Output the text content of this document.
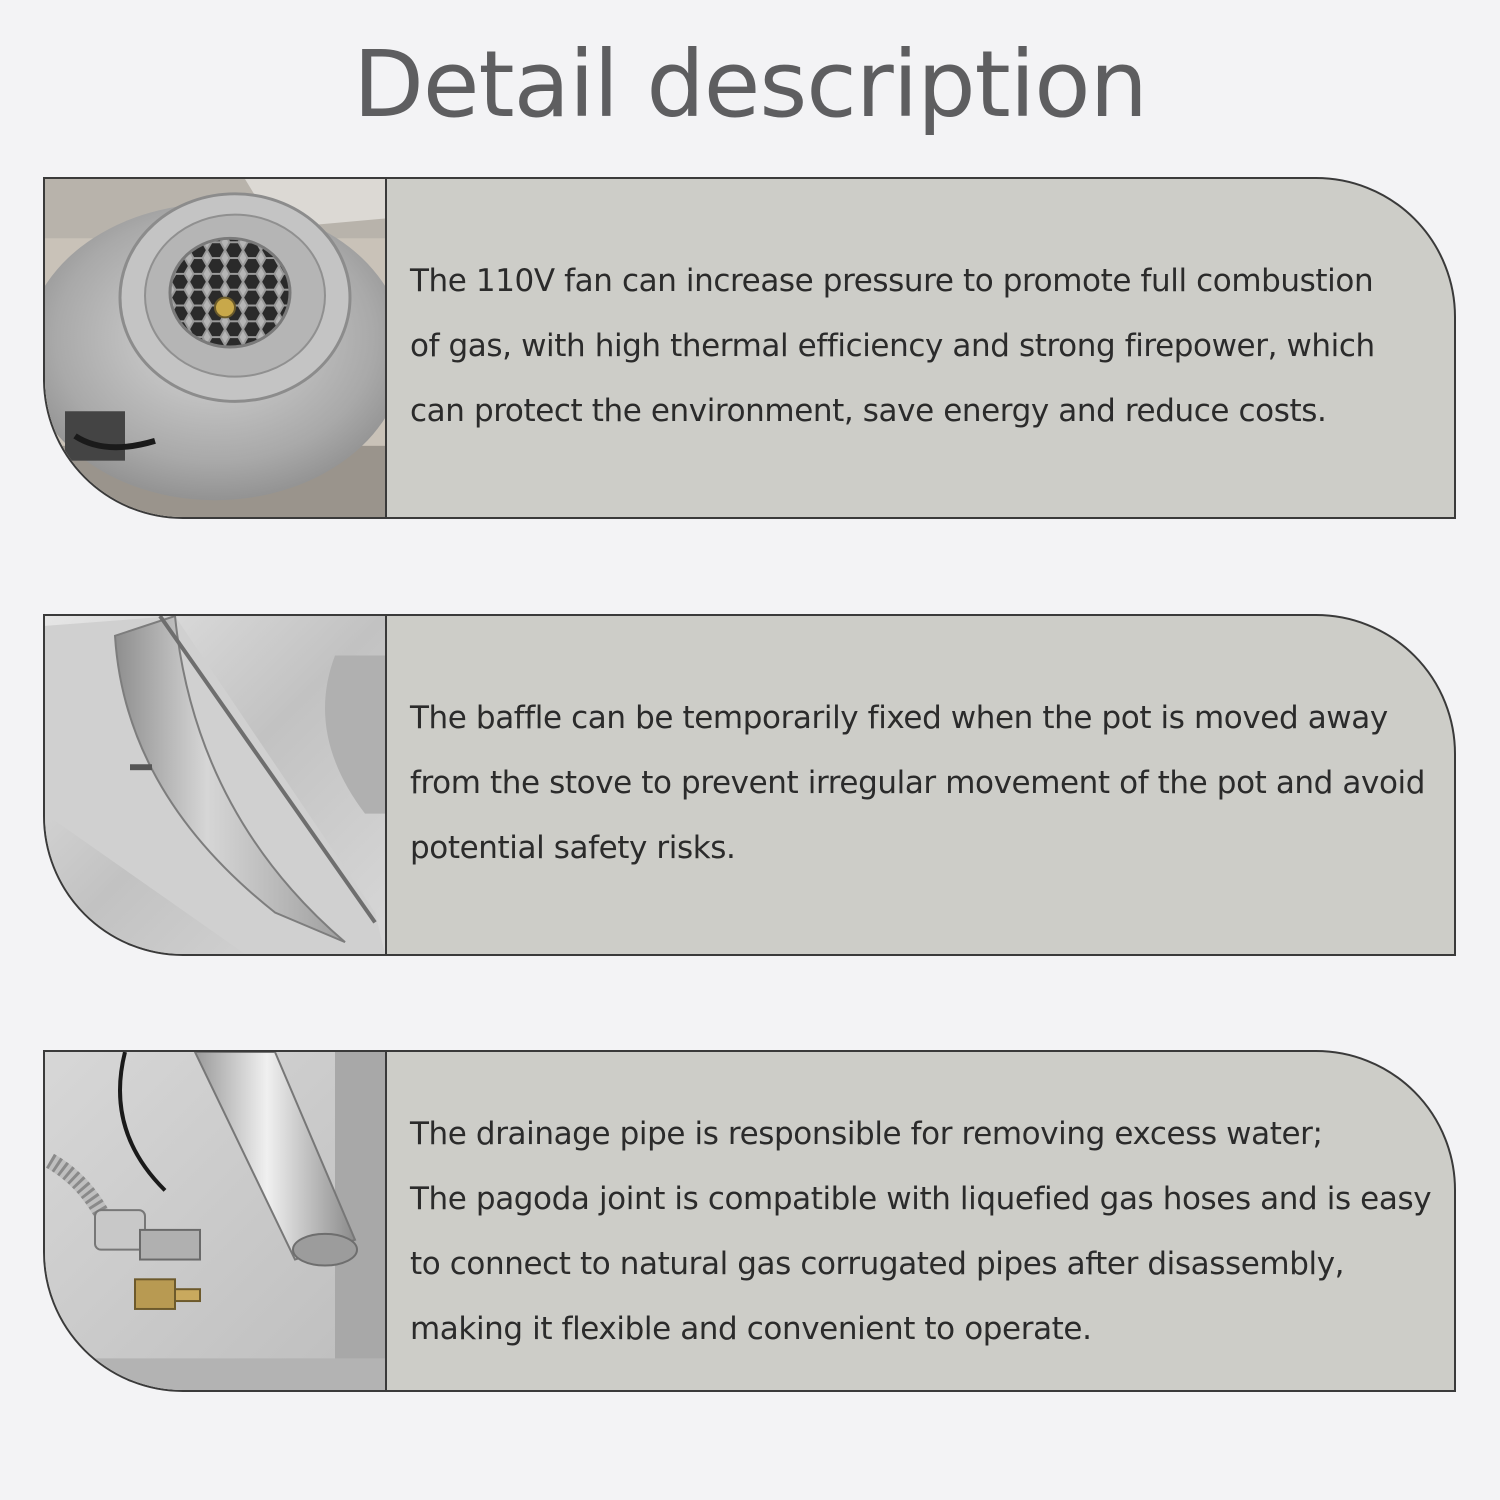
Detail description

The 110V fan can increase pressure to promote full combustion

of gas, with high thermal efficiency and strong firepower, which

can protect the environment, save energy and reduce costs.

The baffle can be temporarily fixed when the pot is moved away

from the stove to prevent irregular movement of the pot and avoid

potential safety risks.

The drainage pipe is responsible for removing excess water;

The pagoda joint is compatible with liquefied gas hoses and is easy

to connect to natural gas corrugated pipes after disassembly,

making it flexible and convenient to operate.
